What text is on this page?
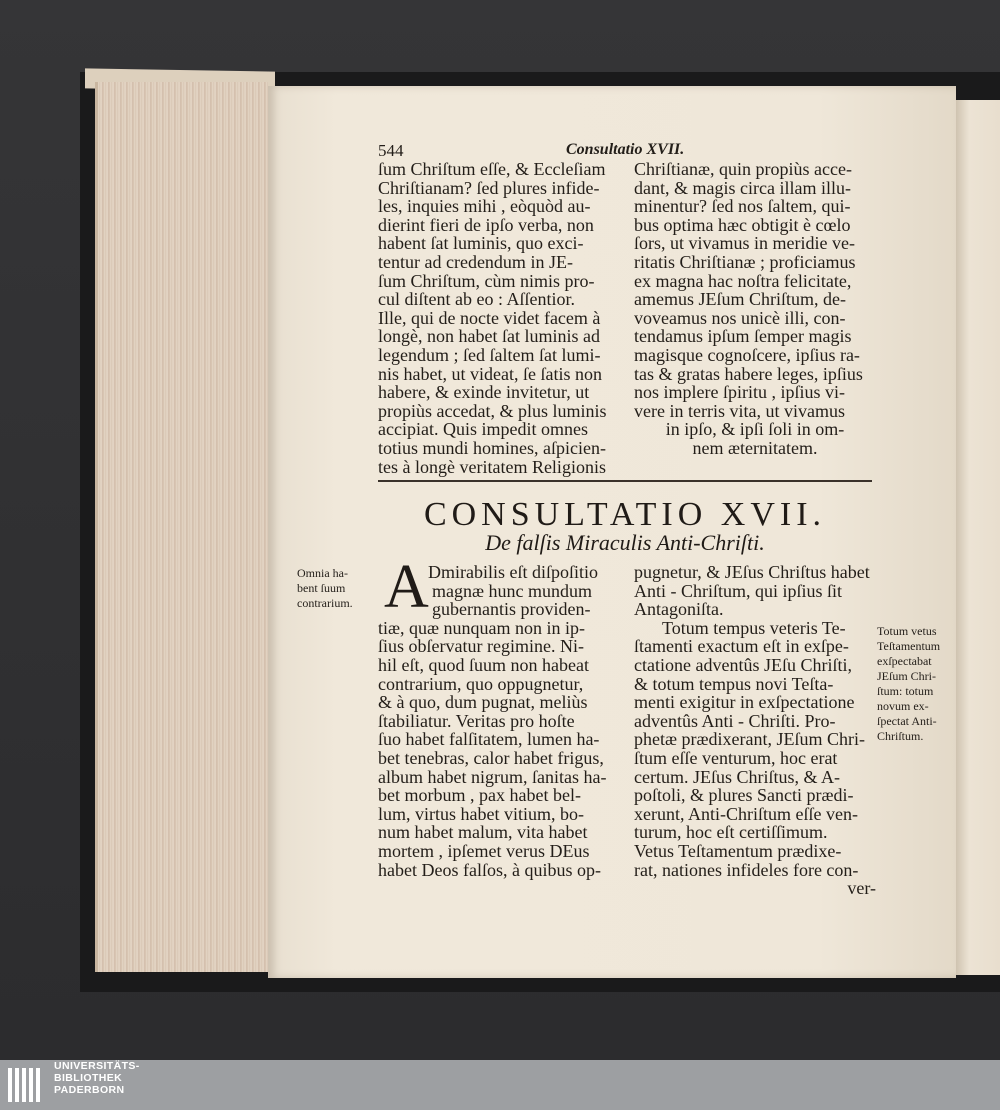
544	Consultatio XVII.
ſum Chriſtum eſſe, & Eccleſiam
Chriſtianam? ſed plures infide-
les, inquies mihi , eòquòd au-
dierint fieri de ipſo verba, non
habent ſat luminis, quo exci-
tentur ad credendum in JE-
ſum Chriſtum, cùm nimis pro-
cul diſtent ab eo : Aſſentior.
Ille, qui de nocte videt facem à
longè, non habet ſat luminis ad
legendum ; ſed ſaltem ſat lumi-
nis habet, ut videat, ſe ſatis non
habere, & exinde invitetur, ut
propiùs accedat, & plus luminis
accipiat. Quis impedit omnes
totius mundi homines, aſpicien-
tes à longè veritatem Religionis
Chriſtianæ, quin propiùs acce-
dant, & magis circa illam illu-
minentur? ſed nos ſaltem, qui-
bus optima hæc obtigit è cœlo
ſors, ut vivamus in meridie ve-
ritatis Chriſtianæ ; proficiamus
ex magna hac noſtra felicitate,
amemus JEſum Chriſtum, de-
voveamus nos unicè illi, con-
tendamus ipſum ſemper magis
magisque cognoſcere, ipſius ra-
tas & gratas habere leges, ipſius
nos implere ſpiritu , ipſius vi-
vere in terris vita, ut vivamus
in ipſo, & ipſi ſoli in om-
nem æternitatem.
CONSULTATIO XVII.
De falſis Miraculis Anti-Chriſti.
A
Omnia ha-
bent ſuum
contrarium.
Totum vetus
Teſtamentum
exſpectabat
JEſum Chri-
ſtum: totum
novum ex-
ſpectat Anti-
Chriſtum.
Dmirabilis eſt diſpoſitio
magnæ hunc mundum
gubernantis providen-
tiæ, quæ nunquam non in ip-
ſius obſervatur regimine. Ni-
hil eſt, quod ſuum non habeat
contrarium, quo oppugnetur,
& à quo, dum pugnat, meliùs
ſtabiliatur. Veritas pro hoſte
ſuo habet falſitatem, lumen ha-
bet tenebras, calor habet frigus,
album habet nigrum, ſanitas ha-
bet morbum , pax habet bel-
lum, virtus habet vitium, bo-
num habet malum, vita habet
mortem , ipſemet verus DEus
habet Deos falſos, à quibus op-
pugnetur, & JEſus Chriſtus habet
Anti - Chriſtum, qui ipſius ſit
Antagoniſta.
Totum tempus veteris Te-
ſtamenti exactum eſt in exſpe-
ctatione adventûs JEſu Chriſti,
& totum tempus novi Teſta-
menti exigitur in exſpectatione
adventûs Anti - Chriſti. Pro-
phetæ prædixerant, JEſum Chri-
ſtum eſſe venturum, hoc erat
certum. JEſus Chriſtus, & A-
poſtoli, & plures Sancti prædi-
xerunt, Anti-Chriſtum eſſe ven-
turum, hoc eſt certiſſimum.
Vetus Teſtamentum prædixe-
rat, nationes infideles fore con-
ver-
UNIVERSITÄTS-
BIBLIOTHEK
PADERBORN
